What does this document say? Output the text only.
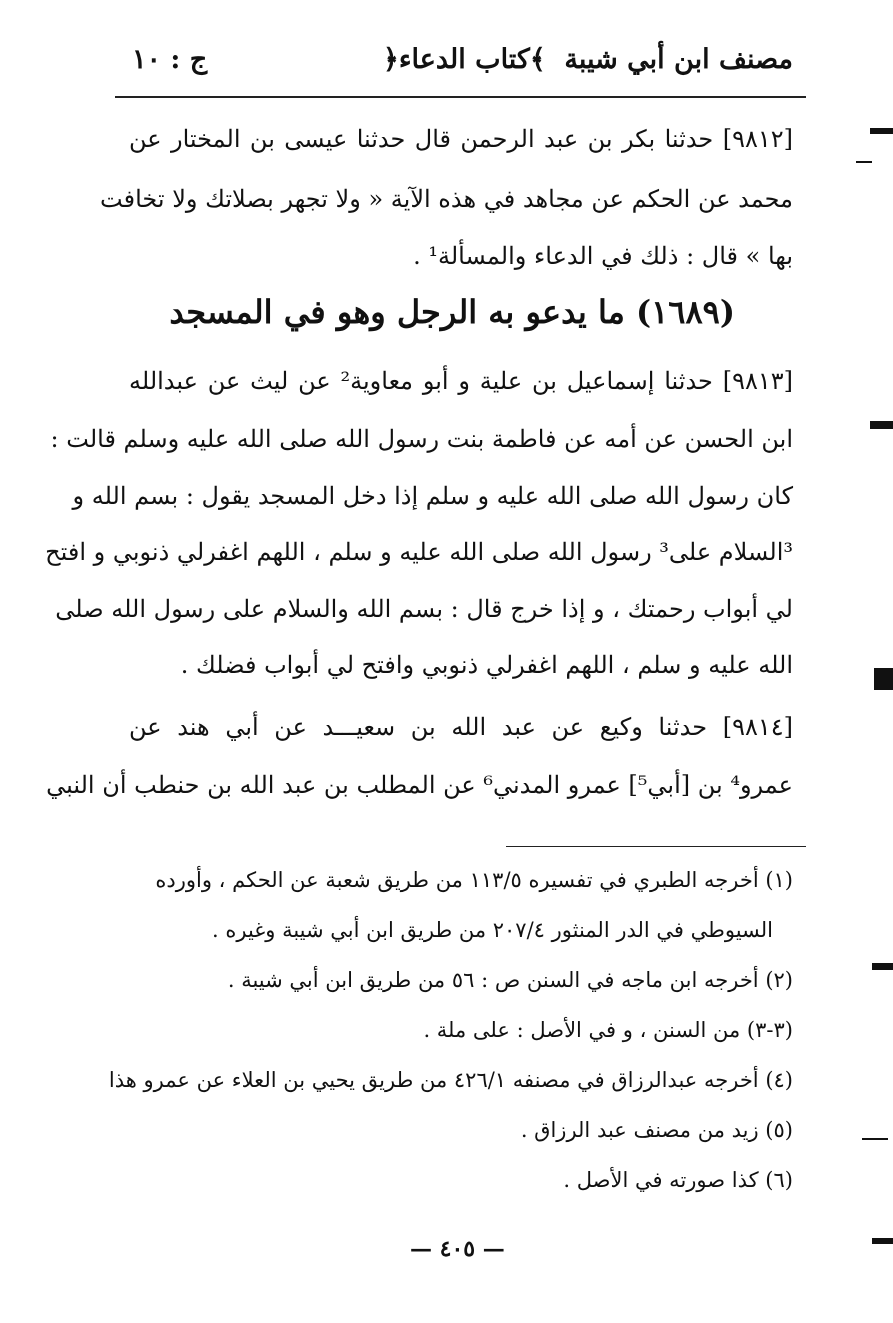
مصنف ابن أبي شيبة
﴿كتاب الدعاء﴾
ج : ١٠
[٩٨١٢] حدثنا بكر بن عبد الرحمن قال حدثنا عيسى بن المختار عن
محمد عن الحكم عن مجاهد في هذه الآية « ولا تجهر بصلاتك ولا تخافت
بها » قال : ذلك في الدعاء والمسألة¹ .
(١٦٨٩) ما يدعو به الرجل وهو في المسجد
[٩٨١٣] حدثنا إسماعيل بن علية و أبو معاوية² عن ليث عن عبدالله
ابن الحسن عن أمه عن فاطمة بنت رسول الله صلى الله عليه وسلم قالت :
كان رسول الله صلى الله عليه و سلم إذا دخل المسجد يقول : بسم الله و
³السلام على³ رسول الله صلى الله عليه و سلم ، اللهم اغفرلي ذنوبي و افتح
لي أبواب رحمتك ، و إذا خرج قال : بسم الله والسلام على رسول الله صلى
الله عليه و سلم ، اللهم اغفرلي ذنوبي وافتح لي أبواب فضلك .
[٩٨١٤] حدثنا وكيع عن عبد الله بن سعيـــد عن أبي هند عن
عمرو⁴ بن [أبي⁵] عمرو المدني⁶ عن المطلب بن عبد الله بن حنطب أن النبي
(١) أخرجه الطبري في تفسيره ١١٣/٥ من طريق شعبة عن الحكم ، وأورده
السيوطي في الدر المنثور ٢٠٧/٤ من طريق ابن أبي شيبة وغيره .
(٢) أخرجه ابن ماجه في السنن ص : ٥٦ من طريق ابن أبي شيبة .
(٣-٣) من السنن ، و في الأصل : على ملة .
(٤) أخرجه عبدالرزاق في مصنفه ٤٢٦/١ من طريق يحيي بن العلاء عن عمرو هذا
(٥) زيد من مصنف عبد الرزاق .
(٦) كذا صورته في الأصل .
— ٤٠٥ —
